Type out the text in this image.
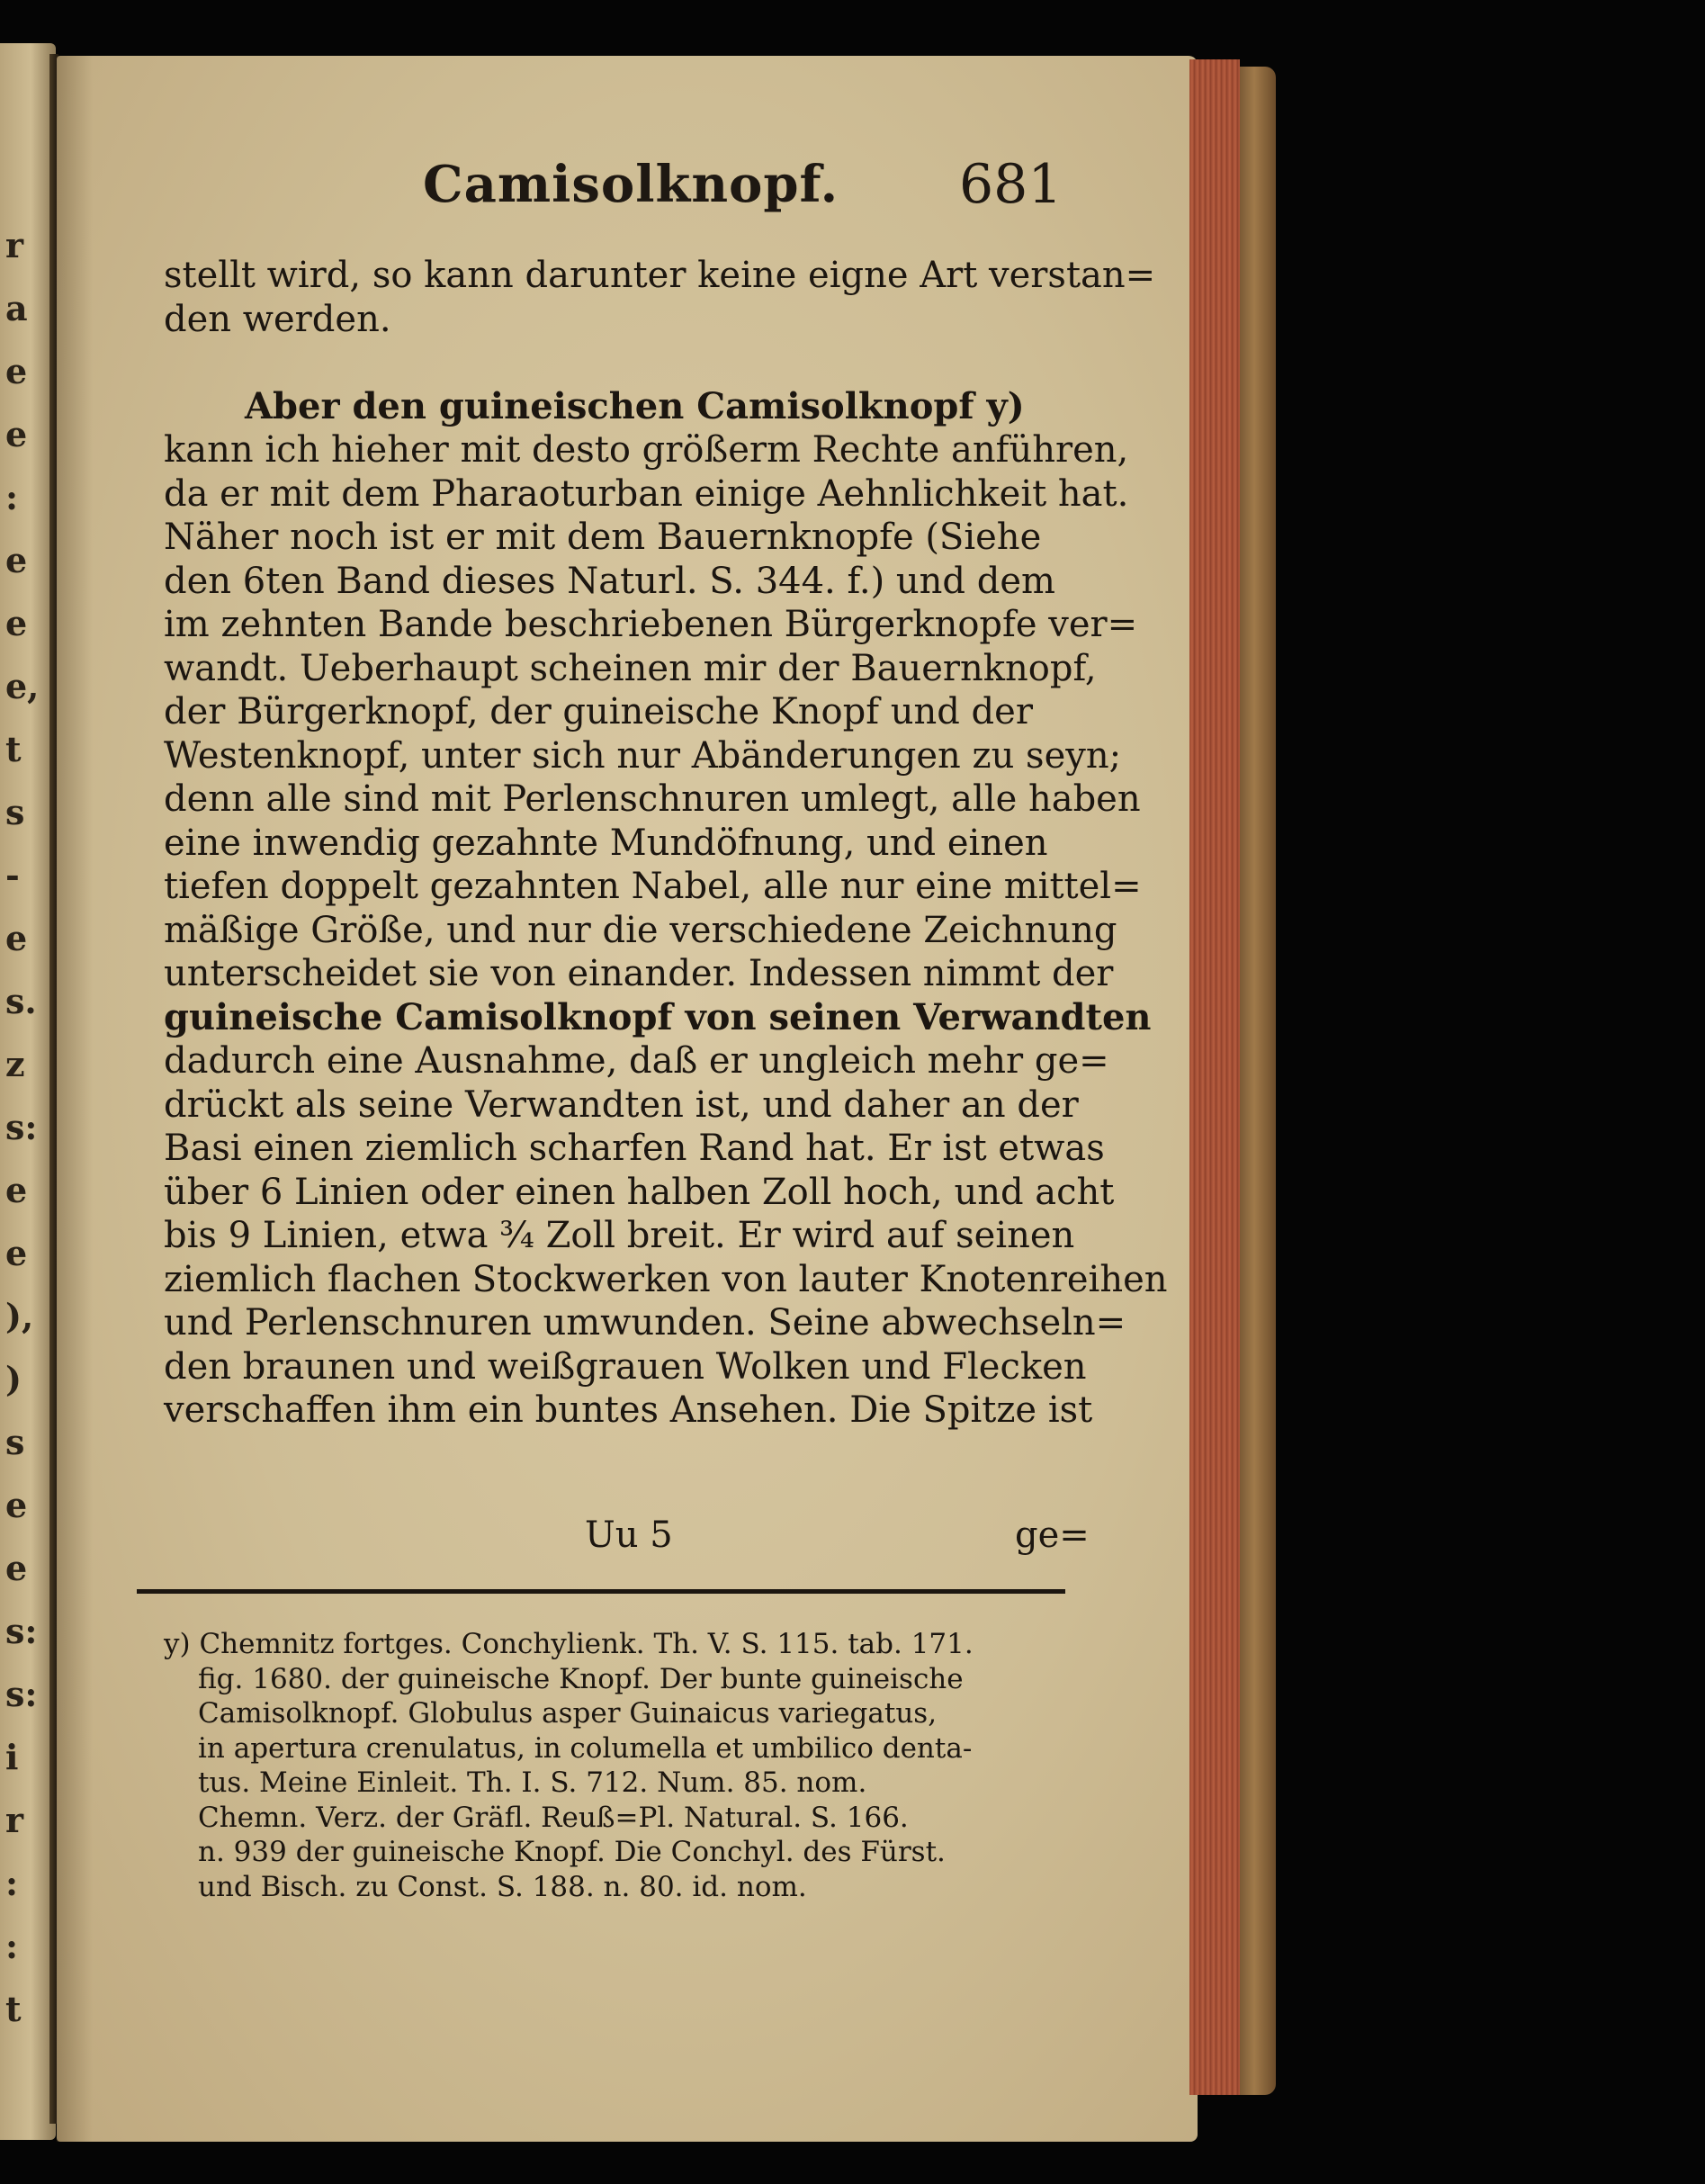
r
a
e
e
:
e
e
e,
t
s
-
e
s.
z
s:
e
e
),
)
s
e
e
s:
s:
i
r
:
:
t
Camisolknopf. 681
stellt wird, so kann darunter keine eigne Art verstan=
den werden.

Aber den guineischen Camisolknopf y)
kann ich hieher mit desto größerm Rechte anführen,
da er mit dem Pharaoturban einige Aehnlichkeit hat.
Näher noch ist er mit dem Bauernknopfe (Siehe
den 6ten Band dieses Naturl. S. 344. f.) und dem
im zehnten Bande beschriebenen Bürgerknopfe ver=
wandt. Ueberhaupt scheinen mir der Bauernknopf,
der Bürgerknopf, der guineische Knopf und der
Westenknopf, unter sich nur Abänderungen zu seyn;
denn alle sind mit Perlenschnuren umlegt, alle haben
eine inwendig gezahnte Mundöfnung, und einen
tiefen doppelt gezahnten Nabel, alle nur eine mittel=
mäßige Größe, und nur die verschiedene Zeichnung
unterscheidet sie von einander. Indessen nimmt der
guineische Camisolknopf von seinen Verwandten
dadurch eine Ausnahme, daß er ungleich mehr ge=
drückt als seine Verwandten ist, und daher an der
Basi einen ziemlich scharfen Rand hat. Er ist etwas
über 6 Linien oder einen halben Zoll hoch, und acht
bis 9 Linien, etwa ¾ Zoll breit. Er wird auf seinen
ziemlich flachen Stockwerken von lauter Knotenreihen
und Perlenschnuren umwunden. Seine abwechseln=
den braunen und weißgrauen Wolken und Flecken
verschaffen ihm ein buntes Ansehen. Die Spitze ist
Uu 5	ge=
y) Chemnitz fortges. Conchylienk. Th. V. S. 115. tab. 171.
fig. 1680. der guineische Knopf. Der bunte guineische
Camisolknopf. Globulus asper Guinaicus variegatus,
in apertura crenulatus, in columella et umbilico denta-
tus. Meine Einleit. Th. I. S. 712. Num. 85. nom.
Chemn. Verz. der Gräfl. Reuß=Pl. Natural. S. 166.
n. 939 der guineische Knopf. Die Conchyl. des Fürst.
und Bisch. zu Const. S. 188. n. 80. id. nom.
